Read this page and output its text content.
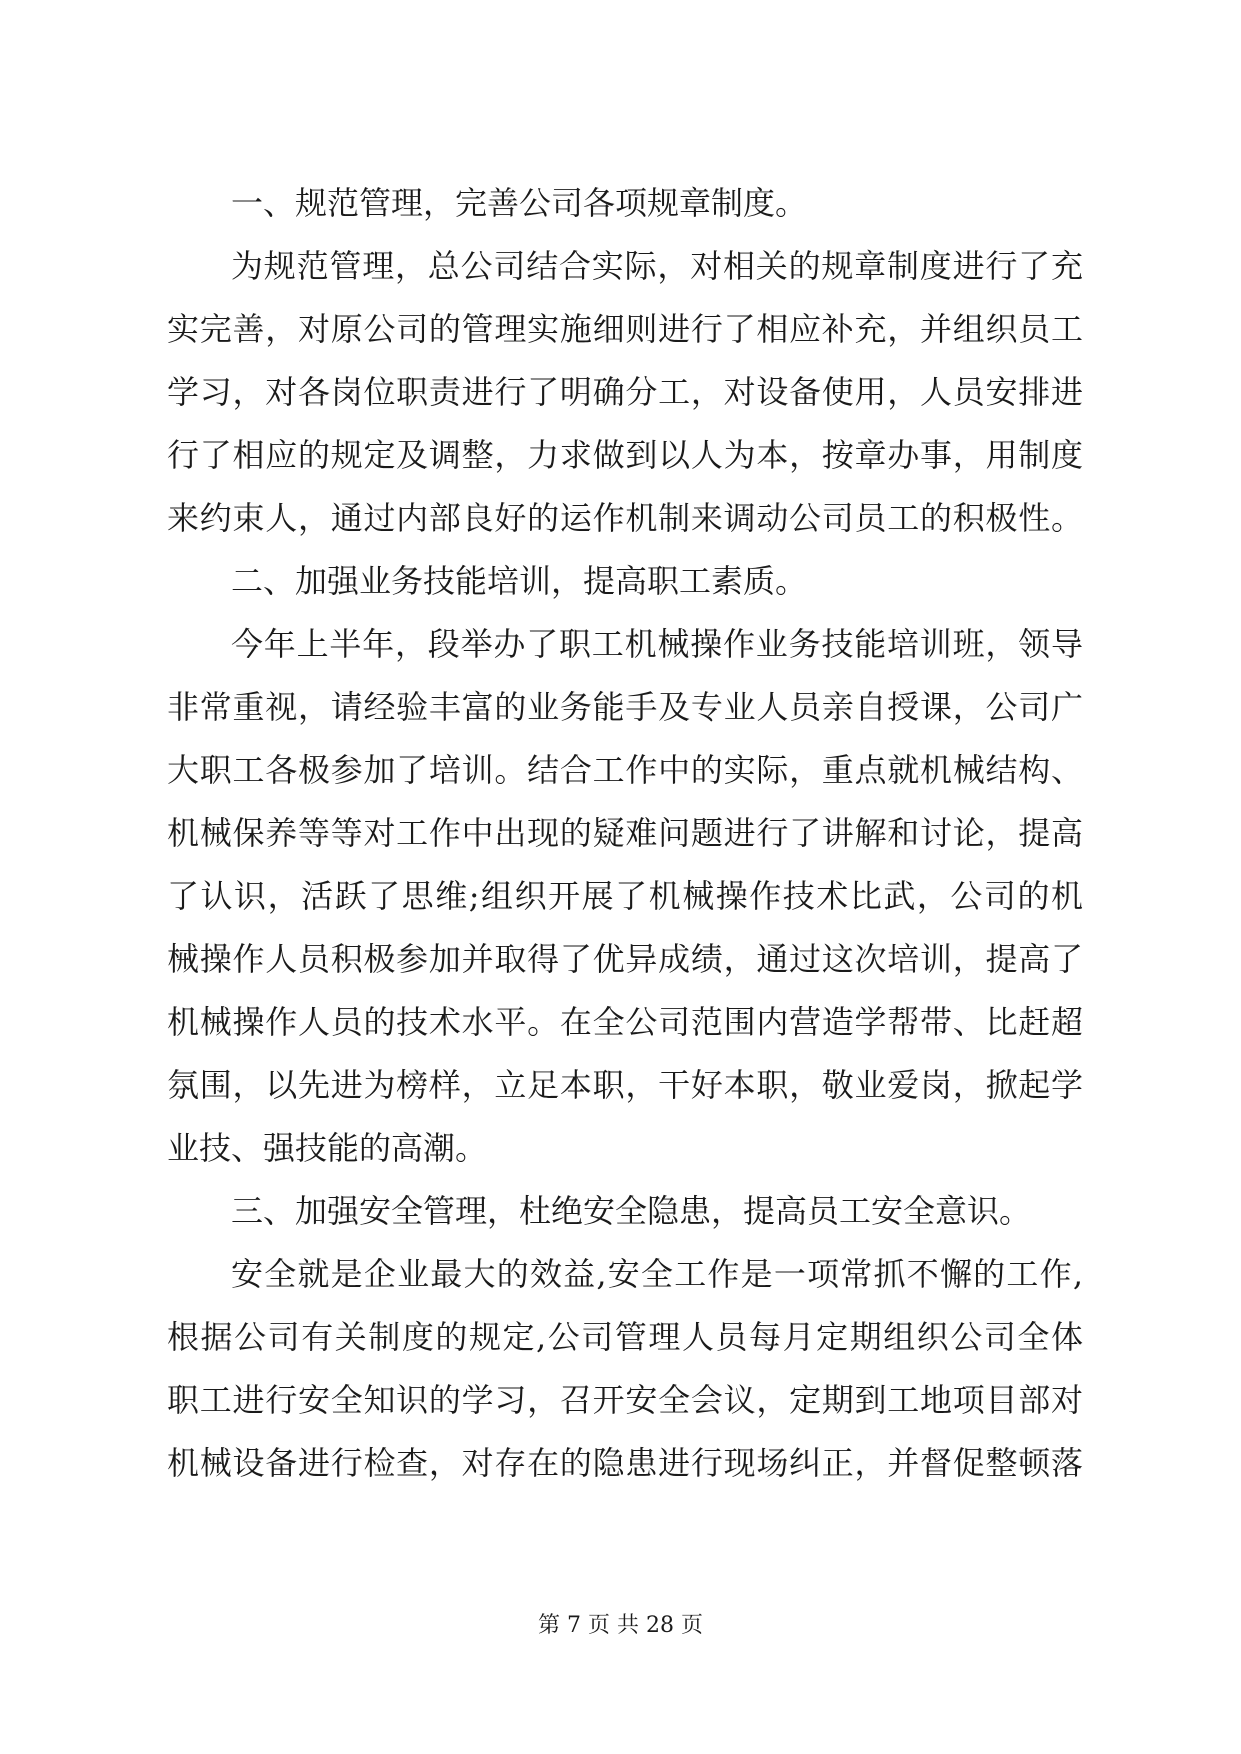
一、规范管理，完善公司各项规章制度。
为规范管理，总公司结合实际，对相关的规章制度进行了充
实完善，对原公司的管理实施细则进行了相应补充，并组织员工
学习，对各岗位职责进行了明确分工，对设备使用，人员安排进
行了相应的规定及调整，力求做到以人为本，按章办事，用制度
来约束人，通过内部良好的运作机制来调动公司员工的积极性。
二、加强业务技能培训，提高职工素质。
今年上半年，段举办了职工机械操作业务技能培训班，领导
非常重视，请经验丰富的业务能手及专业人员亲自授课，公司广
大职工各极参加了培训。结合工作中的实际，重点就机械结构、
机械保养等等对工作中出现的疑难问题进行了讲解和讨论，提高
了认识，活跃了思维;组织开展了机械操作技术比武，公司的机
械操作人员积极参加并取得了优异成绩，通过这次培训，提高了
机械操作人员的技术水平。在全公司范围内营造学帮带、比赶超
氛围，以先进为榜样，立足本职，干好本职，敬业爱岗，掀起学
业技、强技能的高潮。
三、加强安全管理，杜绝安全隐患，提高员工安全意识。
安全就是企业最大的效益,安全工作是一项常抓不懈的工作,
根据公司有关制度的规定,公司管理人员每月定期组织公司全体
职工进行安全知识的学习，召开安全会议，定期到工地项目部对
机械设备进行检查，对存在的隐患进行现场纠正，并督促整顿落
第 7 页 共 28 页
